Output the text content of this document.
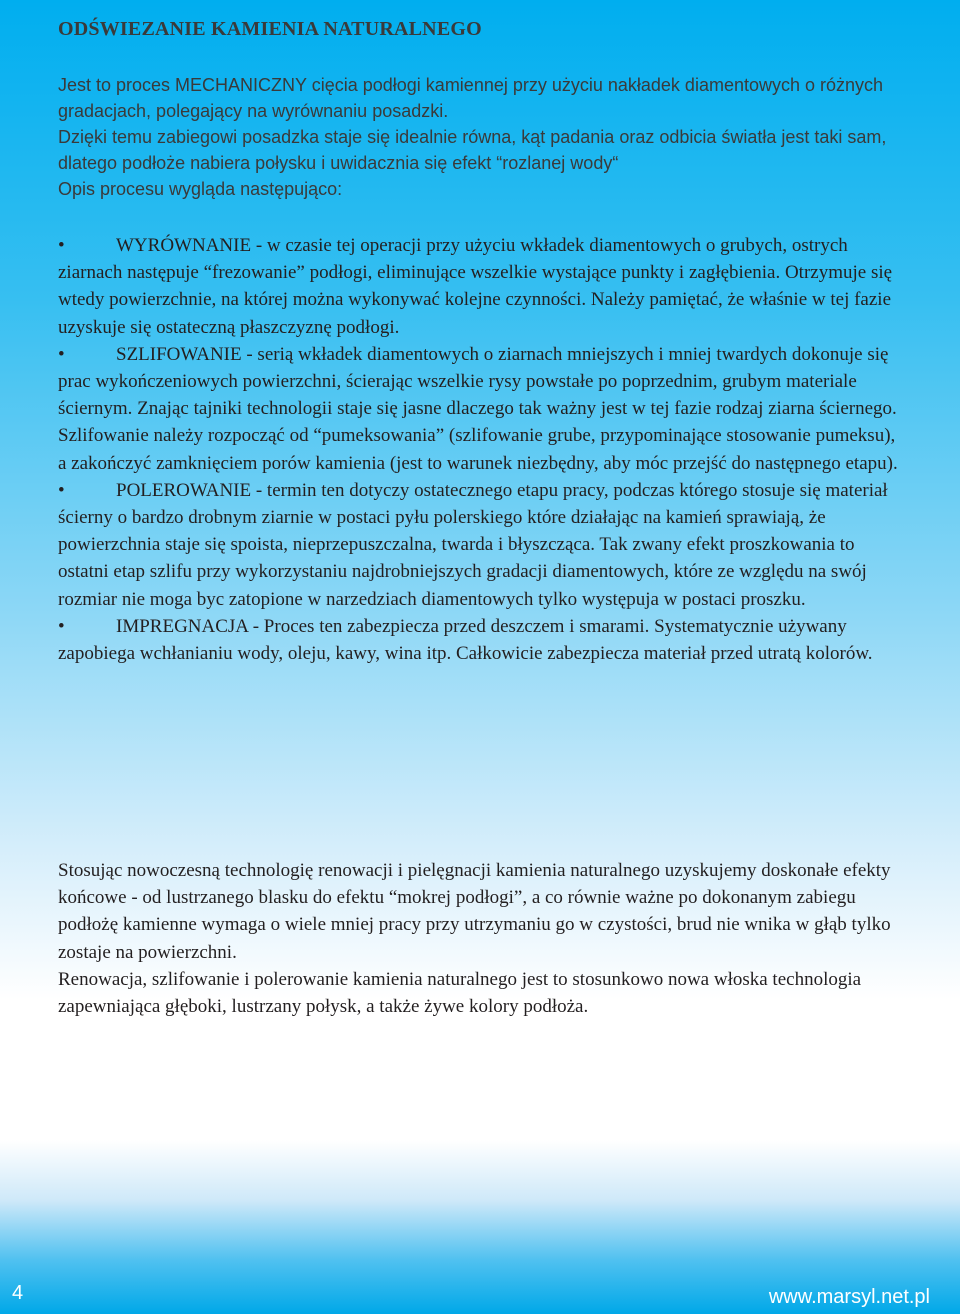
ODŚWIEZANIE KAMIENIA NATURALNEGO

Jest to proces MECHANICZNY cięcia podłogi kamiennej przy użyciu nakładek diamentowych o różnych gradacjach, polegający na wyrównaniu posadzki.

Dzięki temu zabiegowi posadzka staje się idealnie równa, kąt padania oraz odbicia światła jest taki sam, dlatego podłoże nabiera połysku i uwidacznia się efekt “rozlanej wody“

Opis procesu wygląda następująco:

•	WYRÓWNANIE - w czasie tej operacji przy użyciu wkładek diamentowych o grubych, ostrych ziarnach następuje “frezowanie” podłogi, eliminujące wszelkie wystające punkty i zagłębienia. Otrzymuje się wtedy powierzchnie, na której można wykonywać kolejne czynności. Należy pamiętać, że właśnie w tej fazie uzyskuje się ostateczną płaszczyznę podłogi.
•	SZLIFOWANIE - serią wkładek diamentowych o ziarnach mniejszych i mniej twardych dokonuje się prac wykończeniowych powierzchni, ścierając wszelkie rysy powstałe po poprzednim, grubym materiale ściernym. Znając tajniki technologii staje się jasne dlaczego tak ważny jest w tej fazie rodzaj ziarna ściernego. Szlifowanie należy rozpocząć od “pumeksowania” (szlifowanie grube, przypominające stosowanie pumeksu), a zakończyć zamknięciem porów kamienia (jest to warunek niezbędny, aby móc przejść do następnego etapu).
•	POLEROWANIE - termin ten dotyczy ostatecznego etapu pracy, podczas którego stosuje się materiał ścierny o bardzo drobnym ziarnie w postaci pyłu polerskiego które działając na kamień sprawiają, że powierzchnia staje się spoista, nieprzepuszczalna, twarda i błyszcząca. Tak zwany efekt proszkowania to ostatni etap szlifu przy wykorzystaniu najdrobniejszych gradacji diamentowych, które ze względu na swój rozmiar nie moga byc zatopione w narzedziach diamentowych tylko występuja w postaci proszku.
•	IMPREGNACJA - Proces ten zabezpiecza przed deszczem i smarami. Systematycznie używany zapobiega wchłanianiu wody, oleju, kawy, wina itp. Całkowicie zabezpiecza materiał przed utratą kolorów.

Stosując nowoczesną technologię renowacji i pielęgnacji kamienia naturalnego uzyskujemy doskonałe efekty końcowe - od lustrzanego blasku do efektu “mokrej podłogi”, a co równie ważne po dokonanym zabiegu podłożę kamienne wymaga o wiele mniej pracy przy utrzymaniu go w czystości, brud nie wnika w głąb tylko zostaje na powierzchni.

Renowacja, szlifowanie i polerowanie kamienia naturalnego jest to stosunkowo nowa włoska technologia zapewniająca głęboki, lustrzany połysk, a także żywe kolory podłoża.

4	www.marsyl.net.pl
